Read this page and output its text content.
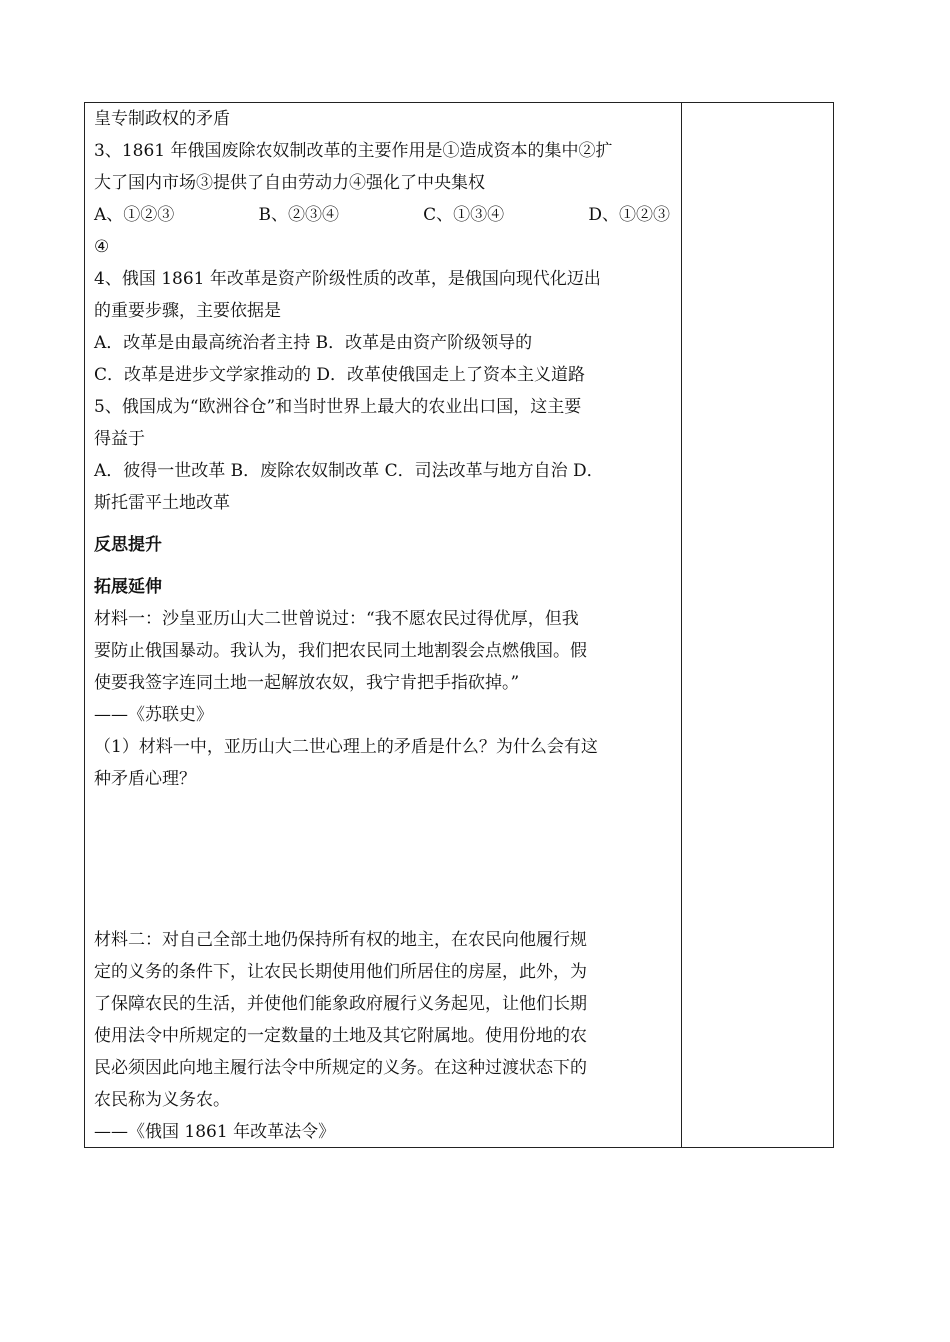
皇专制政权的矛盾
3、1861 年俄国废除农奴制改革的主要作用是①造成资本的集中②扩
大了国内市场③提供了自由劳动力④强化了中央集权
A、①②③	B、②③④	C、①③④	D、①②③
④
4、俄国 1861 年改革是资产阶级性质的改革，是俄国向现代化迈出
的重要步骤，主要依据是
A．改革是由最高统治者主持 B．改革是由资产阶级领导的
C．改革是进步文学家推动的 D．改革使俄国走上了资本主义道路
5、俄国成为“欧洲谷仓”和当时世界上最大的农业出口国，这主要
得益于
A．彼得一世改革 B．废除农奴制改革 C．司法改革与地方自治 D．
斯托雷平土地改革
反思提升
拓展延伸
材料一：沙皇亚历山大二世曾说过：“我不愿农民过得优厚，但我
要防止俄国暴动。我认为，我们把农民同土地割裂会点燃俄国。假
使要我签字连同土地一起解放农奴，我宁肯把手指砍掉。”
——《苏联史》
（1）材料一中，亚历山大二世心理上的矛盾是什么？为什么会有这
种矛盾心理？
材料二：对自己全部土地仍保持所有权的地主，在农民向他履行规
定的义务的条件下，让农民长期使用他们所居住的房屋，此外，为
了保障农民的生活，并使他们能象政府履行义务起见，让他们长期
使用法令中所规定的一定数量的土地及其它附属地。使用份地的农
民必须因此向地主履行法令中所规定的义务。在这种过渡状态下的
农民称为义务农。
——《俄国 1861 年改革法令》
